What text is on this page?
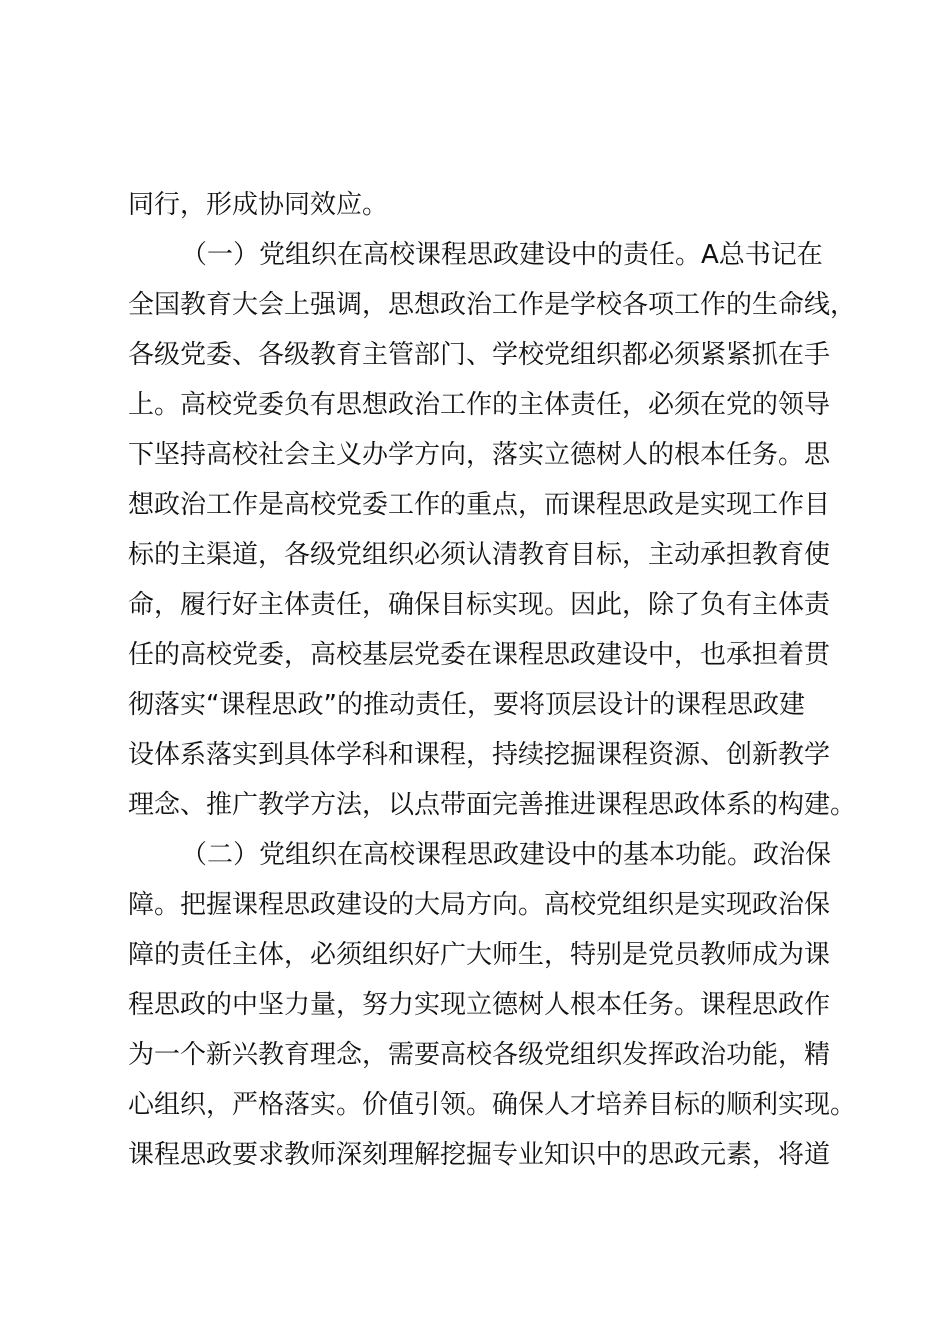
同行，形成协同效应。
（一）党组织在高校课程思政建设中的责任。A总书记在
全国教育大会上强调，思想政治工作是学校各项工作的生命线，
各级党委、各级教育主管部门、学校党组织都必须紧紧抓在手
上。高校党委负有思想政治工作的主体责任，必须在党的领导
下坚持高校社会主义办学方向，落实立德树人的根本任务。思
想政治工作是高校党委工作的重点，而课程思政是实现工作目
标的主渠道，各级党组织必须认清教育目标，主动承担教育使
命，履行好主体责任，确保目标实现。因此，除了负有主体责
任的高校党委，高校基层党委在课程思政建设中，也承担着贯
彻落实“课程思政”的推动责任，要将顶层设计的课程思政建
设体系落实到具体学科和课程，持续挖掘课程资源、创新教学
理念、推广教学方法，以点带面完善推进课程思政体系的构建。
（二）党组织在高校课程思政建设中的基本功能。政治保
障。把握课程思政建设的大局方向。高校党组织是实现政治保
障的责任主体，必须组织好广大师生，特别是党员教师成为课
程思政的中坚力量，努力实现立德树人根本任务。课程思政作
为一个新兴教育理念，需要高校各级党组织发挥政治功能，精
心组织，严格落实。价值引领。确保人才培养目标的顺利实现。
课程思政要求教师深刻理解挖掘专业知识中的思政元素，将道
